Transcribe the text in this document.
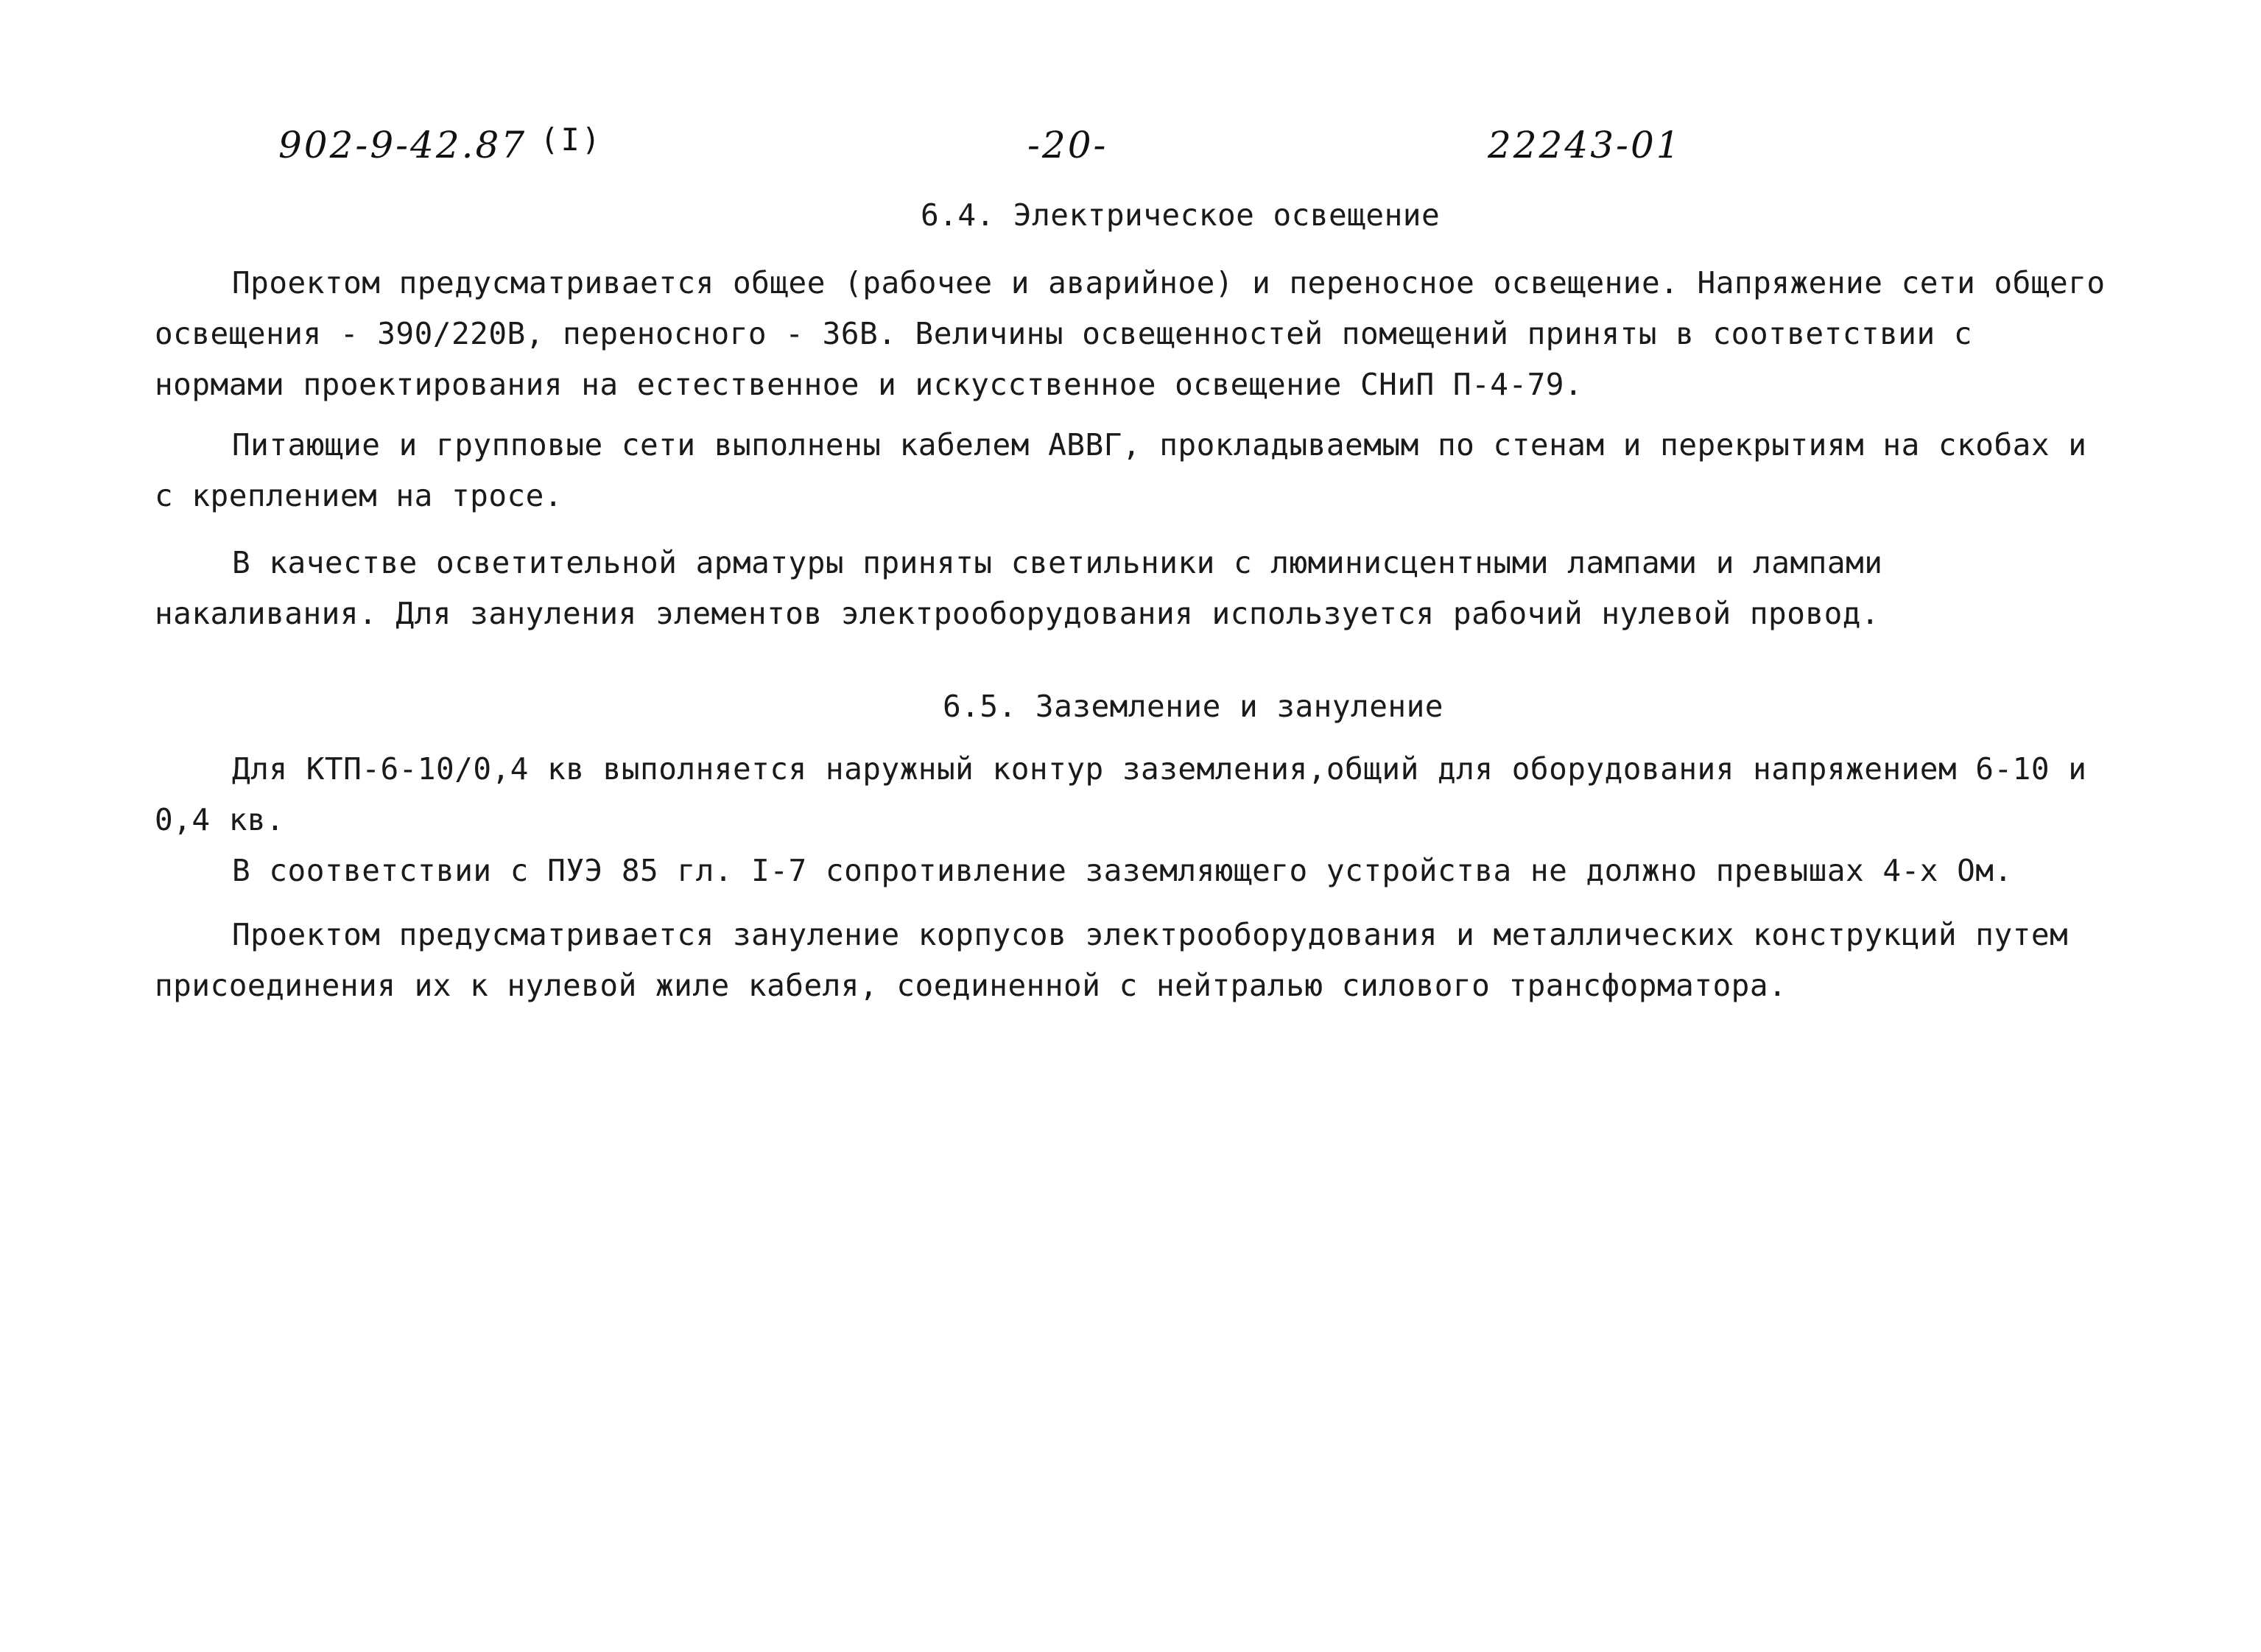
902-9-42.87 $^{(I)}$	-20-	22243-01
6.4. Электрическое освещение

Проектом предусматривается общее (рабочее и аварийное) и переносное освещение. Напряжение сети общего освещения - 390/220В, переносного - 36В. Величины освещенностей помещений приняты в соответствии с нормами проектирования на естественное и искусственное освещение СНиП П-4-79.

Питающие и групповые сети выполнены кабелем АВВГ, прокладываемым по стенам и перекрытиям на скобах и с креплением на тросе.

В качестве осветительной арматуры приняты светильники с люминисцентными лампами и лампами накаливания. Для зануления элементов электрооборудования используется рабочий нулевой провод.

6.5. Заземление и зануление

Для КТП-6-10/0,4 кв выполняется наружный контур заземления,общий для оборудования напряжением 6-10 и 0,4 кв.

В соответствии с ПУЭ 85 гл. I-7 сопротивление заземляющего устройства не должно превышах 4-х Ом.

Проектом предусматривается зануление корпусов электрооборудования и металлических конструкций путем присоединения их к нулевой жиле кабеля, соединенной с нейтралью силового трансформатора.
